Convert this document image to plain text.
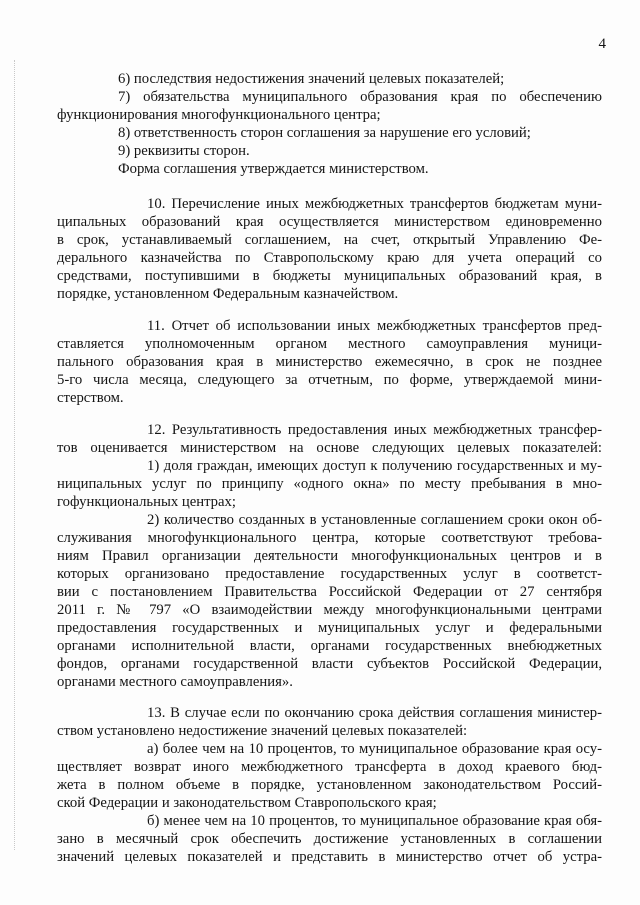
4
6) последствия недостижения значений целевых показателей;
7) обязательства муниципального образования края по обеспечению
функционирования многофункционального центра;
8) ответственность сторон соглашения за нарушение его условий;
9) реквизиты сторон.
Форма соглашения утверждается министерством.
10. Перечисление иных межбюджетных трансфертов бюджетам муни-
ципальных образований края осуществляется министерством единовременно
в срок, устанавливаемый соглашением, на счет, открытый Управлению Фе-
дерального казначейства по Ставропольскому краю для учета операций со
средствами, поступившими в бюджеты муниципальных образований края, в
порядке, установленном Федеральным казначейством.
11. Отчет об использовании иных межбюджетных трансфертов пред-
ставляется уполномоченным органом местного самоуправления муници-
пального образования края в министерство ежемесячно, в срок не позднее
5-го числа месяца, следующего за отчетным, по форме, утверждаемой мини-
стерством.
12. Результативность предоставления иных межбюджетных трансфер-
тов оценивается министерством на основе следующих целевых показателей:
1) доля граждан, имеющих доступ к получению государственных и му-
ниципальных услуг по принципу «одного окна» по месту пребывания в мно-
гофункциональных центрах;
2) количество созданных в установленные соглашением сроки окон об-
служивания многофункционального центра, которые соответствуют требова-
ниям Правил организации деятельности многофункциональных центров и в
которых организовано предоставление государственных услуг в соответст-
вии с постановлением Правительства Российской Федерации от 27 сентября
2011 г. № 797 «О взаимодействии между многофункциональными центрами
предоставления государственных и муниципальных услуг и федеральными
органами исполнительной власти, органами государственных внебюджетных
фондов, органами государственной власти субъектов Российской Федерации,
органами местного самоуправления».
13. В случае если по окончанию срока действия соглашения министер-
ством установлено недостижение значений целевых показателей:
а) более чем на 10 процентов, то муниципальное образование края осу-
ществляет возврат иного межбюджетного трансферта в доход краевого бюд-
жета в полном объеме в порядке, установленном законодательством Россий-
ской Федерации и законодательством Ставропольского края;
б) менее чем на 10 процентов, то муниципальное образование края обя-
зано в месячный срок обеспечить достижение установленных в соглашении
значений целевых показателей и представить в министерство отчет об устра-
